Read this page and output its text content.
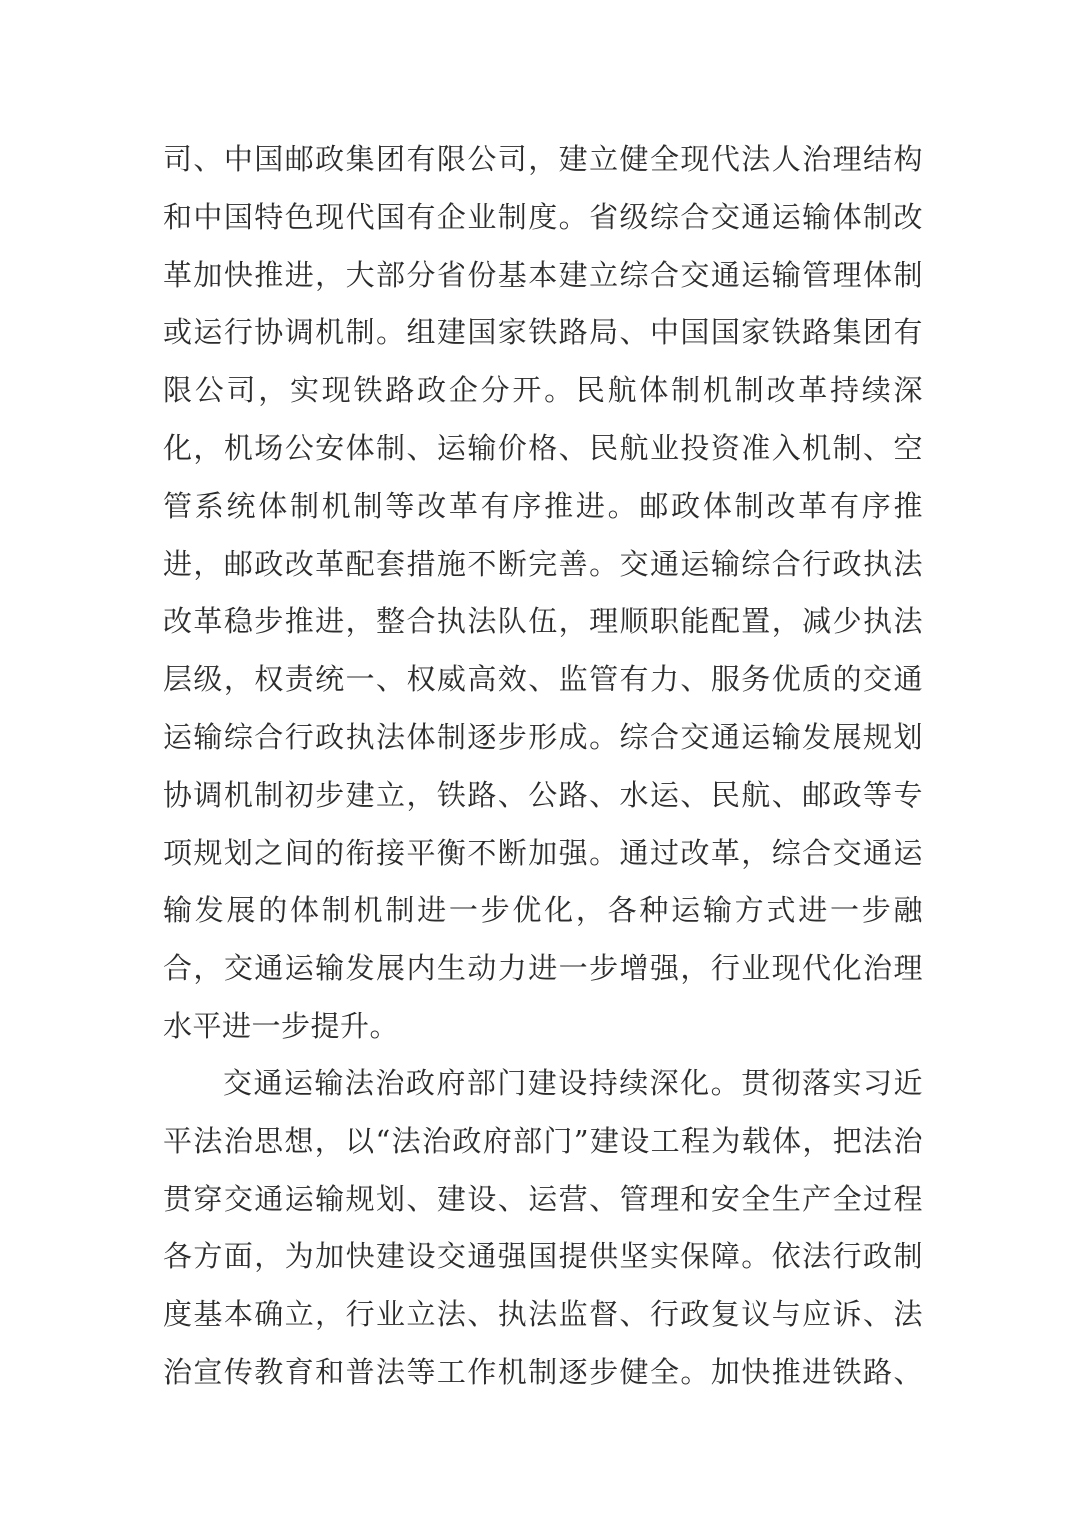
司、中国邮政集团有限公司，建立健全现代法人治理结构
和中国特色现代国有企业制度。省级综合交通运输体制改
革加快推进，大部分省份基本建立综合交通运输管理体制
或运行协调机制。组建国家铁路局、中国国家铁路集团有
限公司，实现铁路政企分开。民航体制机制改革持续深
化，机场公安体制、运输价格、民航业投资准入机制、空
管系统体制机制等改革有序推进。邮政体制改革有序推
进，邮政改革配套措施不断完善。交通运输综合行政执法
改革稳步推进，整合执法队伍，理顺职能配置，减少执法
层级，权责统一、权威高效、监管有力、服务优质的交通
运输综合行政执法体制逐步形成。综合交通运输发展规划
协调机制初步建立，铁路、公路、水运、民航、邮政等专
项规划之间的衔接平衡不断加强。通过改革，综合交通运
输发展的体制机制进一步优化，各种运输方式进一步融
合，交通运输发展内生动力进一步增强，行业现代化治理
水平进一步提升。
交通运输法治政府部门建设持续深化。贯彻落实习近
平法治思想，以“法治政府部门”建设工程为载体，把法治
贯穿交通运输规划、建设、运营、管理和安全生产全过程
各方面，为加快建设交通强国提供坚实保障。依法行政制
度基本确立，行业立法、执法监督、行政复议与应诉、法
治宣传教育和普法等工作机制逐步健全。加快推进铁路、
